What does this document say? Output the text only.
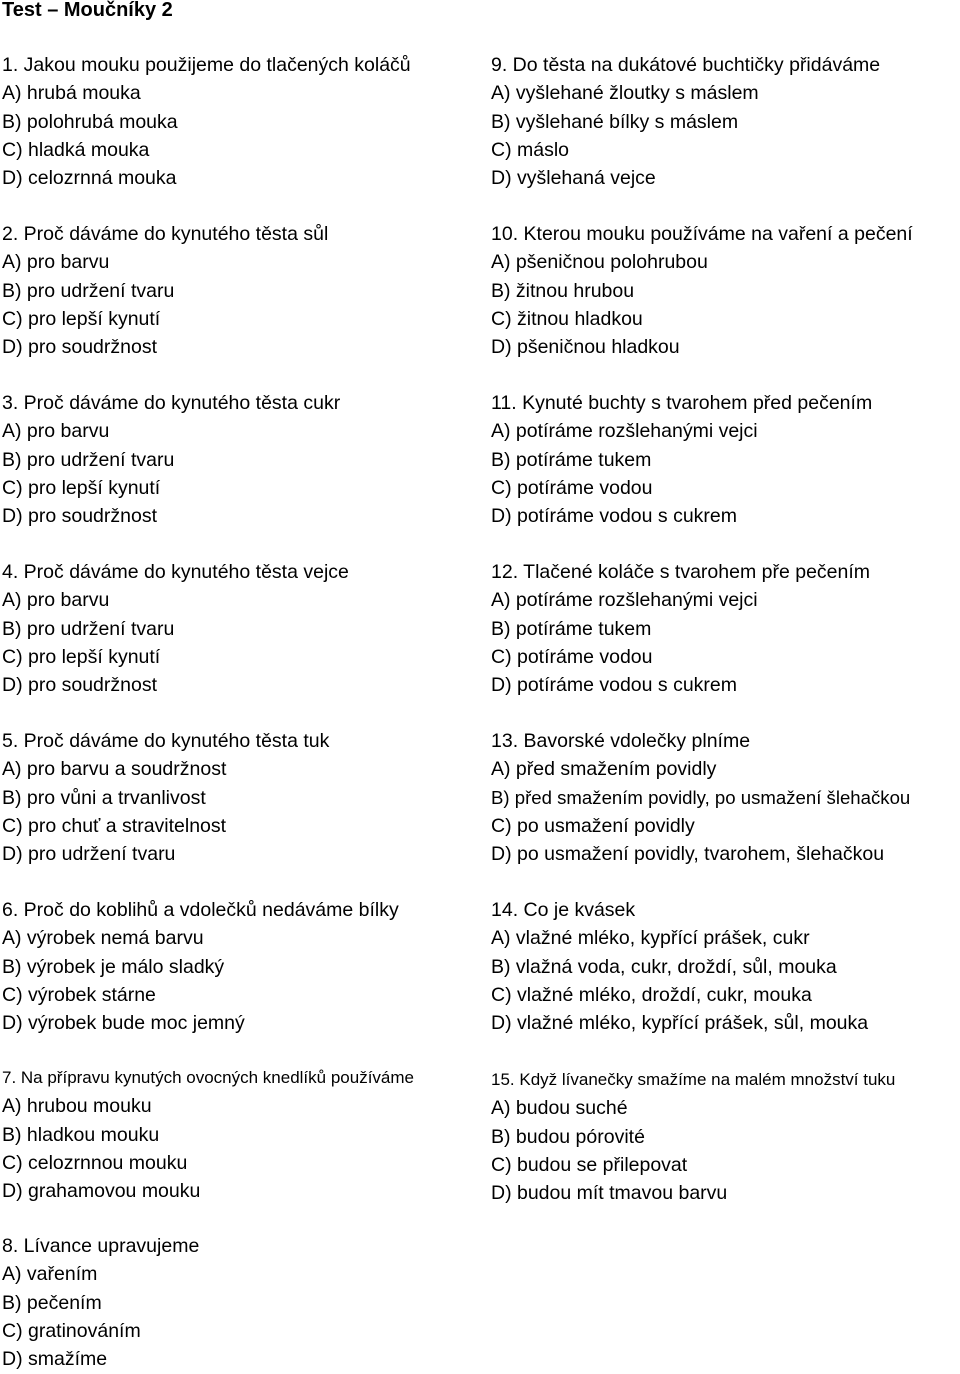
Test – Moučníky 2
1. Jakou mouku použijeme do tlačených koláčů
A) hrubá mouka
B) polohrubá mouka
C) hladká mouka
D) celozrnná mouka
2. Proč dáváme do kynutého těsta sůl
A) pro barvu
B) pro udržení tvaru
C) pro lepší kynutí
D) pro soudržnost
3. Proč dáváme do kynutého těsta cukr
A) pro barvu
B) pro udržení tvaru
C) pro lepší kynutí
D) pro soudržnost
4. Proč dáváme do kynutého těsta vejce
A) pro barvu
B) pro udržení tvaru
C) pro lepší kynutí
D) pro soudržnost
5. Proč dáváme do kynutého těsta tuk
A) pro barvu a soudržnost
B) pro vůni a trvanlivost
C) pro chuť a stravitelnost
D) pro udržení tvaru
6. Proč do koblihů a vdolečků nedáváme bílky
A) výrobek nemá barvu
B) výrobek je málo sladký
C) výrobek stárne
D) výrobek bude moc jemný
7. Na přípravu kynutých ovocných knedlíků používáme
A) hrubou mouku
B) hladkou mouku
C) celozrnnou mouku
D) grahamovou mouku
8. Lívance upravujeme
A) vařením
B) pečením
C) gratinováním
D) smažíme
9. Do těsta na dukátové buchtičky přidáváme
A) vyšlehané žloutky s máslem
B) vyšlehané bílky s máslem
C) máslo
D) vyšlehaná vejce
10. Kterou mouku používáme na vaření a pečení
A) pšeničnou polohrubou
B) žitnou hrubou
C) žitnou hladkou
D) pšeničnou hladkou
11. Kynuté buchty s tvarohem před pečením
A) potíráme rozšlehanými vejci
B) potíráme tukem
C) potíráme vodou
D) potíráme vodou s cukrem
12. Tlačené koláče s tvarohem pře pečením
A) potíráme rozšlehanými vejci
B) potíráme tukem
C) potíráme vodou
D) potíráme vodou s cukrem
13. Bavorské vdolečky plníme
A) před smažením povidly
B) před smažením povidly, po usmažení šlehačkou
C) po usmažení povidly
D) po usmažení povidly, tvarohem, šlehačkou
14. Co je kvásek
A) vlažné mléko, kypřící prášek, cukr
B) vlažná voda, cukr, droždí, sůl, mouka
C) vlažné mléko, droždí, cukr, mouka
D) vlažné mléko, kypřící prášek, sůl, mouka
15. Když lívanečky smažíme na malém množství tuku
A) budou suché
B) budou pórovité
C) budou se přilepovat
D) budou mít tmavou barvu
